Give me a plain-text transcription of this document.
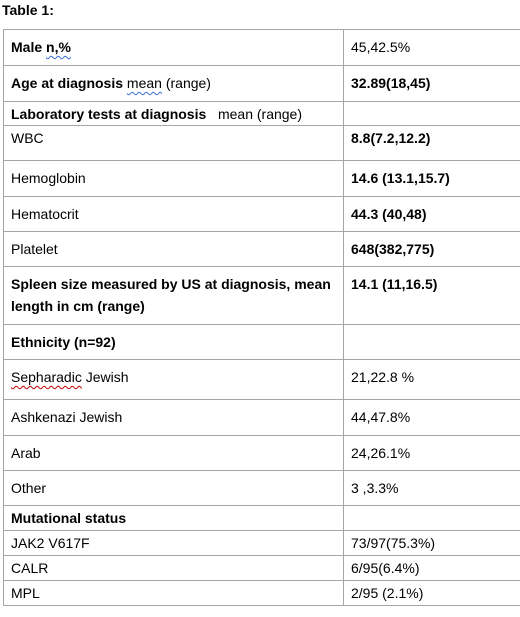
Table 1:
Male n,%	45,42.5%
Age at diagnosis mean (range)	32.89(18,45)
Laboratory tests at diagnosis mean (range)	
WBC	8.8(7.2,12.2)
Hemoglobin	14.6 (13.1,15.7)
Hematocrit	44.3 (40,48)
Platelet	648(382,775)
Spleen size measured by US at diagnosis, mean length in cm (range)	14.1 (11,16.5)
Ethnicity (n=92)	
Sepharadic Jewish	21,22.8 %
Ashkenazi Jewish	44,47.8%
Arab	24,26.1%
Other	3 ,3.3%
Mutational status	
JAK2 V617F	73/97(75.3%)
CALR	6/95(6.4%)
MPL	2/95 (2.1%)
